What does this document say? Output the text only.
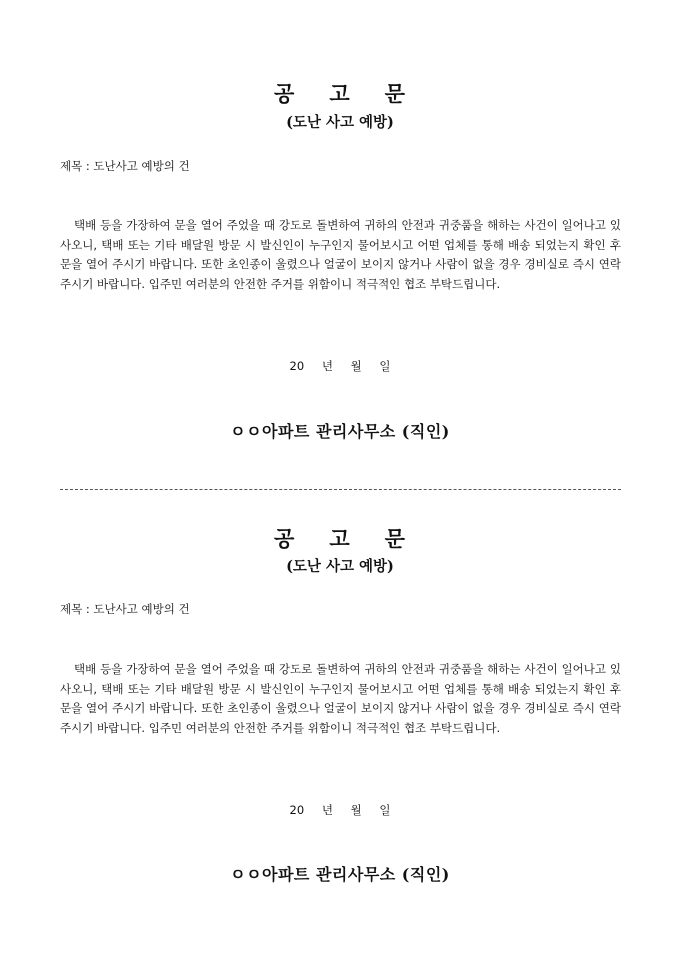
공 고 문
(도난 사고 예방)
제목 : 도난사고 예방의 건
택배 등을 가장하여 문을 열어 주었을 때 강도로 돌변하여 귀하의 안전과 귀중품을 해하는 사건이 일어나고 있사오니, 택배 또는 기타 배달원 방문 시 발신인이 누구인지 물어보시고 어떤 업체를 통해 배송 되었는지 확인 후 문을 열어 주시기 바랍니다. 또한 초인종이 울렸으나 얼굴이 보이지 않거나 사람이 없을 경우 경비실로 즉시 연락 주시기 바랍니다. 입주민 여러분의 안전한 주거를 위함이니 적극적인 협조 부탁드립니다.
20 년 월 일
ㅇㅇ아파트 관리사무소 (직인)
공 고 문
(도난 사고 예방)
제목 : 도난사고 예방의 건
택배 등을 가장하여 문을 열어 주었을 때 강도로 돌변하여 귀하의 안전과 귀중품을 해하는 사건이 일어나고 있사오니, 택배 또는 기타 배달원 방문 시 발신인이 누구인지 물어보시고 어떤 업체를 통해 배송 되었는지 확인 후 문을 열어 주시기 바랍니다. 또한 초인종이 울렸으나 얼굴이 보이지 않거나 사람이 없을 경우 경비실로 즉시 연락 주시기 바랍니다. 입주민 여러분의 안전한 주거를 위함이니 적극적인 협조 부탁드립니다.
20 년 월 일
ㅇㅇ아파트 관리사무소 (직인)
